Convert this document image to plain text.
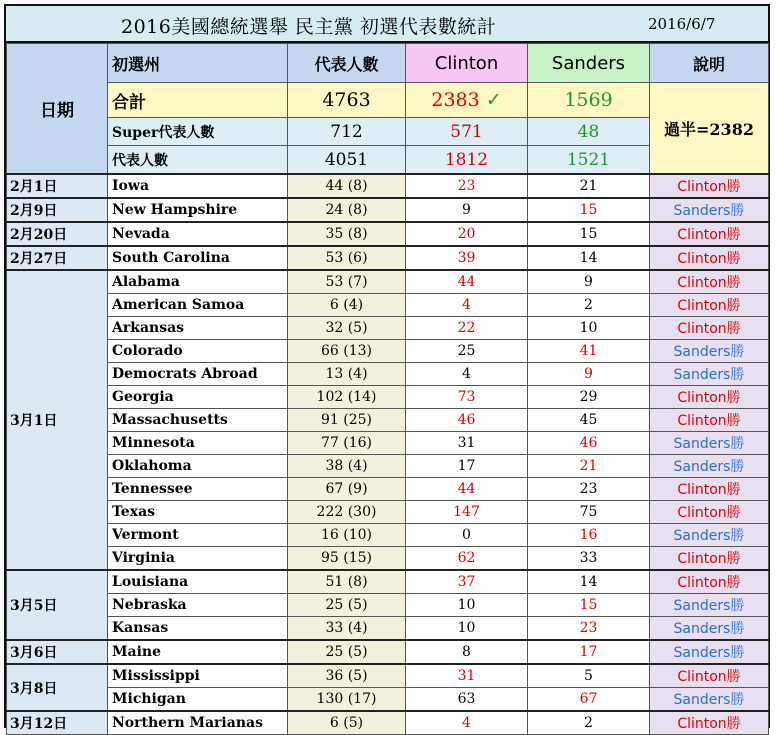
2016美國總統選舉 民主黨 初選代表數統計	2016/6/7
日期	初選州	代表人數	Clinton	Sanders	說明
	合計	4763	2383 ✓	1569	過半=2382
	Super代表人數	712	571	48	
	代表人數	4051	1812	1521	
2月1日	Iowa	44 (8)	23	21	Clinton勝
2月9日	New Hampshire	24 (8)	9	15	Sanders勝
2月20日	Nevada	35 (8)	20	15	Clinton勝
2月27日	South Carolina	53 (6)	39	14	Clinton勝
3月1日	Alabama	53 (7)	44	9	Clinton勝
	American Samoa	6 (4)	4	2	Clinton勝
	Arkansas	32 (5)	22	10	Clinton勝
	Colorado	66 (13)	25	41	Sanders勝
	Democrats Abroad	13 (4)	4	9	Sanders勝
	Georgia	102 (14)	73	29	Clinton勝
	Massachusetts	91 (25)	46	45	Clinton勝
	Minnesota	77 (16)	31	46	Sanders勝
	Oklahoma	38 (4)	17	21	Sanders勝
	Tennessee	67 (9)	44	23	Clinton勝
	Texas	222 (30)	147	75	Clinton勝
	Vermont	16 (10)	0	16	Sanders勝
	Virginia	95 (15)	62	33	Clinton勝
3月5日	Louisiana	51 (8)	37	14	Clinton勝
	Nebraska	25 (5)	10	15	Sanders勝
	Kansas	33 (4)	10	23	Sanders勝
3月6日	Maine	25 (5)	8	17	Sanders勝
3月8日	Mississippi	36 (5)	31	5	Clinton勝
	Michigan	130 (17)	63	67	Sanders勝
3月12日	Northern Marianas	6 (5)	4	2	Clinton勝
